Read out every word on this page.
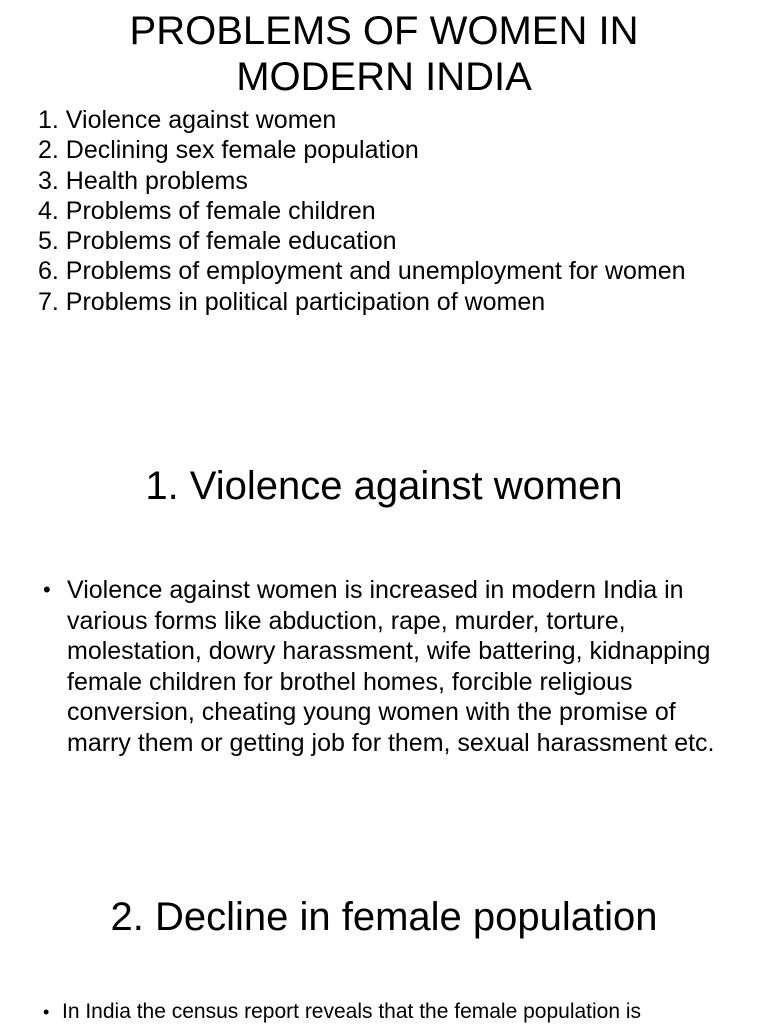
PROBLEMS OF WOMEN IN
MODERN INDIA
1. Violence against women
2. Declining sex female population
3. Health problems
4. Problems of female children
5. Problems of female education
6. Problems of employment and unemployment for women
7. Problems in political participation of women
1. Violence against women
• Violence against women is increased in modern India in various forms like abduction, rape, murder, torture, molestation, dowry harassment, wife battering, kidnapping female children for brothel homes, forcible religious conversion, cheating young women with the promise of marry them or getting job for them, sexual harassment etc.
2. Decline in female population
• In India the census report reveals that the female population is
